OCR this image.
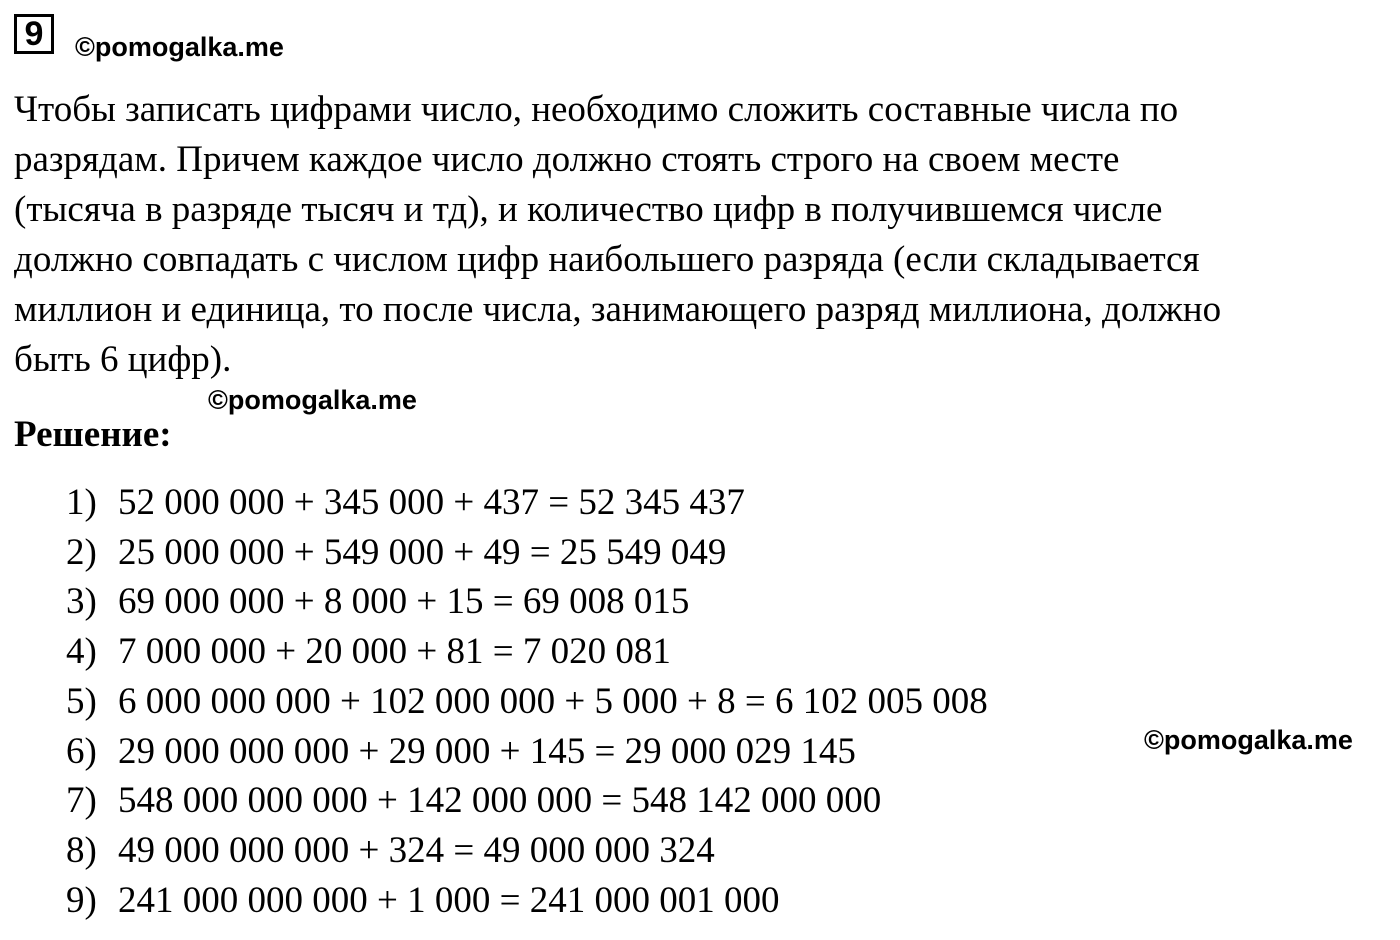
9	©pomogalka.me

Чтобы записать цифрами число, необходимо сложить составные числа по
разрядам. Причем каждое число должно стоять строго на своем месте
(тысяча в разряде тысяч и тд), и количество цифр в получившемся числе
должно совпадать с числом цифр наибольшего разряда (если складывается
миллион и единица, то после числа, занимающего разряд миллиона, должно
быть 6 цифр).

©pomogalka.me
Решение:
1) 52 000 000 + 345 000 + 437 = 52 345 437
2) 25 000 000 + 549 000 + 49 = 25 549 049
3) 69 000 000 + 8 000 + 15 = 69 008 015
4) 7 000 000 + 20 000 + 81 = 7 020 081
5) 6 000 000 000 + 102 000 000 + 5 000 + 8 = 6 102 005 008
6) 29 000 000 000 + 29 000 + 145 = 29 000 029 145
7) 548 000 000 000 + 142 000 000 = 548 142 000 000
8) 49 000 000 000 + 324 = 49 000 000 324
9) 241 000 000 000 + 1 000 = 241 000 001 000
©pomogalka.me
